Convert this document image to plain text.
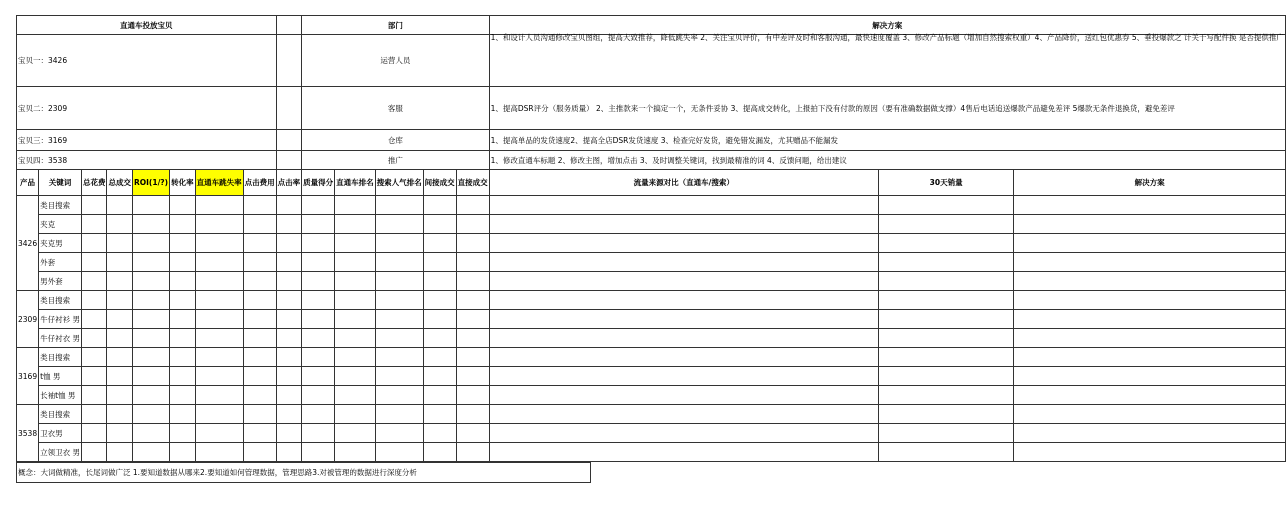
直通车投放宝贝									部门					解决方案		
宝贝一：3426									运营人员					1、和设计人员沟通修改宝贝图组，提高大致推荐，降低跳失率 2、关注宝贝评价，有中差评及时和客服沟通，最快速度覆盖 3、修改产品标题（增加自然搜索权重）4、产品降价，送红包优惠券 5、垂投爆款之 计关于写配件换 是否提供推广		

宝贝二：2309									客服					1、提高DSR评分（服务质量） 2、主推款来一个搞定一个，无条件妥协 3、提高成交转化，上报拍下没有付款的原因（要有准确数据做支撑）4售后电话追送爆款产品避免差评 5爆款无条件退换货，避免差评		
宝贝三：3169									仓库					1、提高单品的发货速度2、提高全店DSR发货速度 3、检查完好发货，避免错发漏发，尤其赠品不能漏发		
宝贝四：3538									推广					1、修改直通车标题 2、修改主图，增加点击 3、及时调整关键词，找到最精准的词 4、反馈问题，给出建议		
产品	关键词	总花费	总成交	ROI(1/?)	转化率	直通车跳失率	点击费用	点击率	质量得分	直通车排名	搜索人气排名	间接成交	直接成交	流量来源对比（直通车/搜索）	30天销量	解决方案
3426	类目搜索															
	夹克															
	夹克男															
	外套															
	男外套															
2309	类目搜索															
	牛仔衬衫 男															
	牛仔衬衣 男															
3169	类目搜索															
	t恤 男															
	长袖t恤 男															
3538	类目搜索															
	卫衣男															
	立领卫衣 男															
概念：大词做精准，长尾词做广泛 1.要知道数据从哪来2.要知道如何管理数据，管理思路3.对被管理的数据进行深度分析
